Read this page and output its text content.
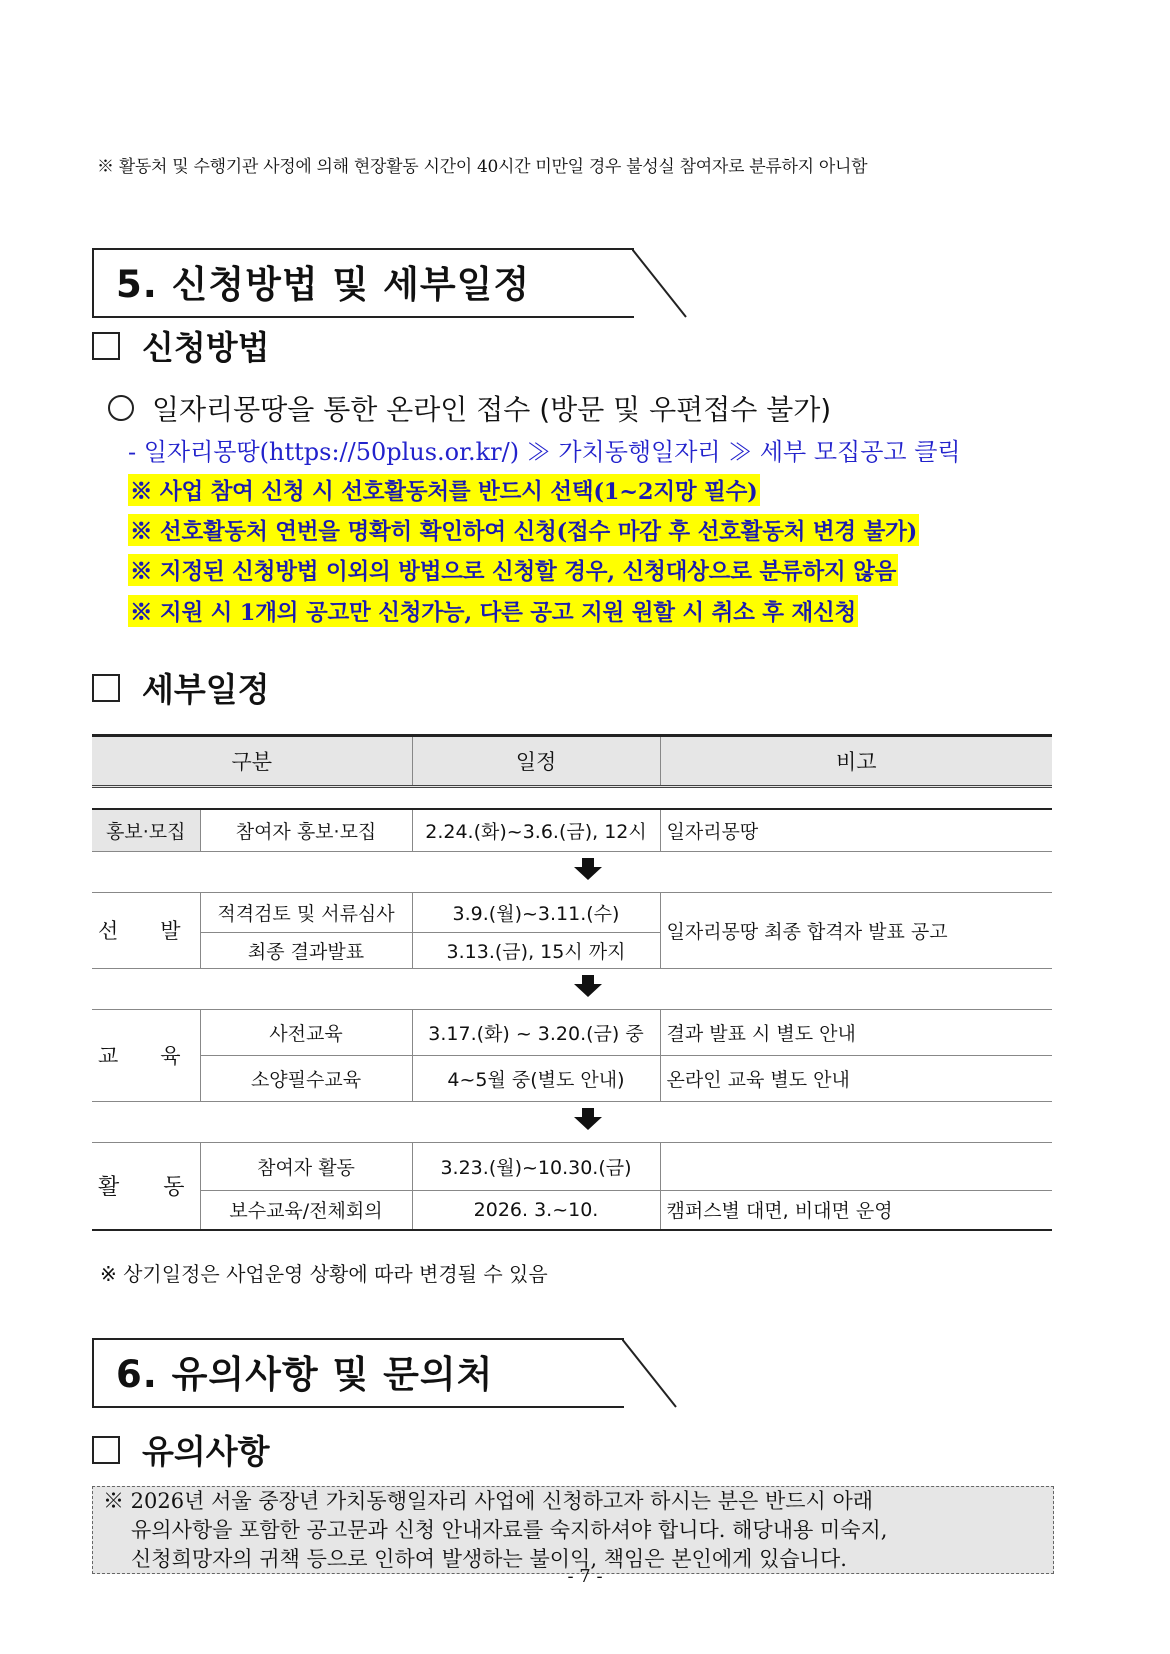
※ 활동처 및 수행기관 사정에 의해 현장활동 시간이 40시간 미만일 경우 불성실 참여자로 분류하지 아니함
5. 신청방법 및 세부일정
신청방법
일자리몽땅을 통한 온라인 접수 (방문 및 우편접수 불가)
- 일자리몽땅(https://50plus.or.kr/) ≫ 가치동행일자리 ≫ 세부 모집공고 클릭
※ 사업 참여 신청 시 선호활동처를 반드시 선택(1~2지망 필수)
※ 선호활동처 연번을 명확히 확인하여 신청(접수 마감 후 선호활동처 변경 불가)
※ 지정된 신청방법 이외의 방법으로 신청할 경우, 신청대상으로 분류하지 않음
※ 지원 시 1개의 공고만 신청가능, 다른 공고 지원 원할 시 취소 후 재신청
세부일정
구분		일정	비고

홍보·모집	참여자 홍보·모집	2.24.(화)~3.6.(금), 12시	일자리몽땅

선　　발	적격검토 및 서류심사	3.9.(월)~3.11.(수)	일자리몽땅 최종 합격자 발표 공고
	최종 결과발표	3.13.(금), 15시 까지	

교　　육	사전교육	3.17.(화) ~ 3.20.(금) 중	결과 발표 시 별도 안내
	소양필수교육	4~5월 중(별도 안내)	온라인 교육 별도 안내

활　　동	참여자 활동	3.23.(월)~10.30.(금)	
	보수교육/전체회의	2026. 3.~10.	캠퍼스별 대면, 비대면 운영
※ 상기일정은 사업운영 상황에 따라 변경될 수 있음
6. 유의사항 및 문의처
유의사항
※ 2026년 서울 중장년 가치동행일자리 사업에 신청하고자 하시는 분은 반드시 아래
유의사항을 포함한 공고문과 신청 안내자료를 숙지하셔야 합니다. 해당내용 미숙지,
신청희망자의 귀책 등으로 인하여 발생하는 불이익, 책임은 본인에게 있습니다.
- 7 -
